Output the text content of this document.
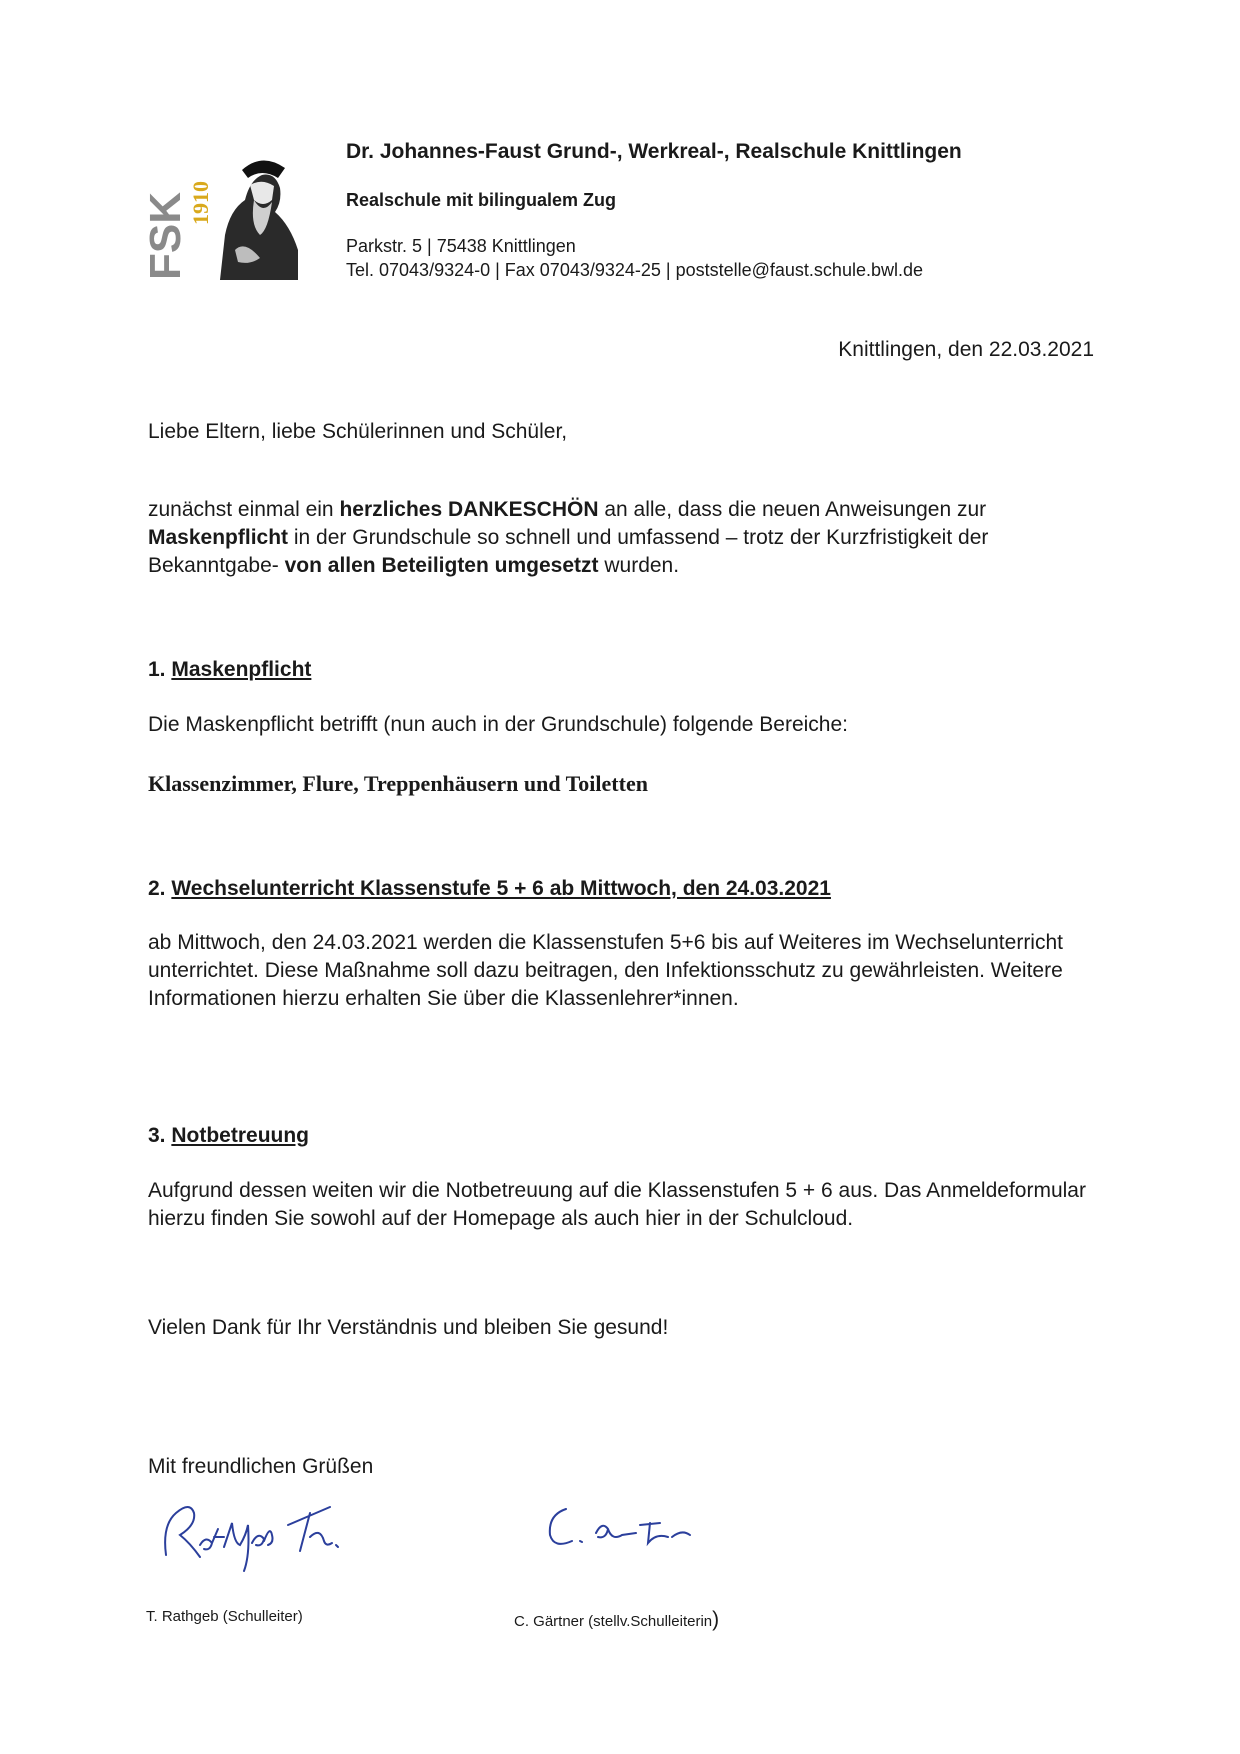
FSK
1910
Dr. Johannes-Faust Grund-, Werkreal-, Realschule Knittlingen
Realschule mit bilingualem Zug
Parkstr. 5 | 75438 Knittlingen
Tel. 07043/9324-0 | Fax 07043/9324-25 | poststelle@faust.schule.bwl.de
Knittlingen, den 22.03.2021
Liebe Eltern, liebe Schülerinnen und Schüler,
zunächst einmal ein herzliches DANKESCHÖN an alle, dass die neuen Anweisungen zur Maskenpflicht in der Grundschule so schnell und umfassend – trotz der Kurzfristigkeit der Bekanntgabe- von allen Beteiligten umgesetzt wurden.
1. Maskenpflicht
Die Maskenpflicht betrifft (nun auch in der Grundschule) folgende Bereiche:
Klassenzimmer, Flure, Treppenhäusern und Toiletten
2. Wechselunterricht Klassenstufe 5 + 6 ab Mittwoch, den 24.03.2021
ab Mittwoch, den 24.03.2021 werden die Klassenstufen 5+6 bis auf Weiteres im Wechselunterricht unterrichtet. Diese Maßnahme soll dazu beitragen, den Infektionsschutz zu gewährleisten. Weitere Informationen hierzu erhalten Sie über die Klassenlehrer*innen.
3. Notbetreuung
Aufgrund dessen weiten wir die Notbetreuung auf die Klassenstufen 5 + 6 aus. Das Anmeldeformular hierzu finden Sie sowohl auf der Homepage als auch hier in der Schulcloud.
Vielen Dank für Ihr Verständnis und bleiben Sie gesund!
Mit freundlichen Grüßen
T. Rathgeb (Schulleiter)	C. Gärtner (stellv.Schulleiterin)
